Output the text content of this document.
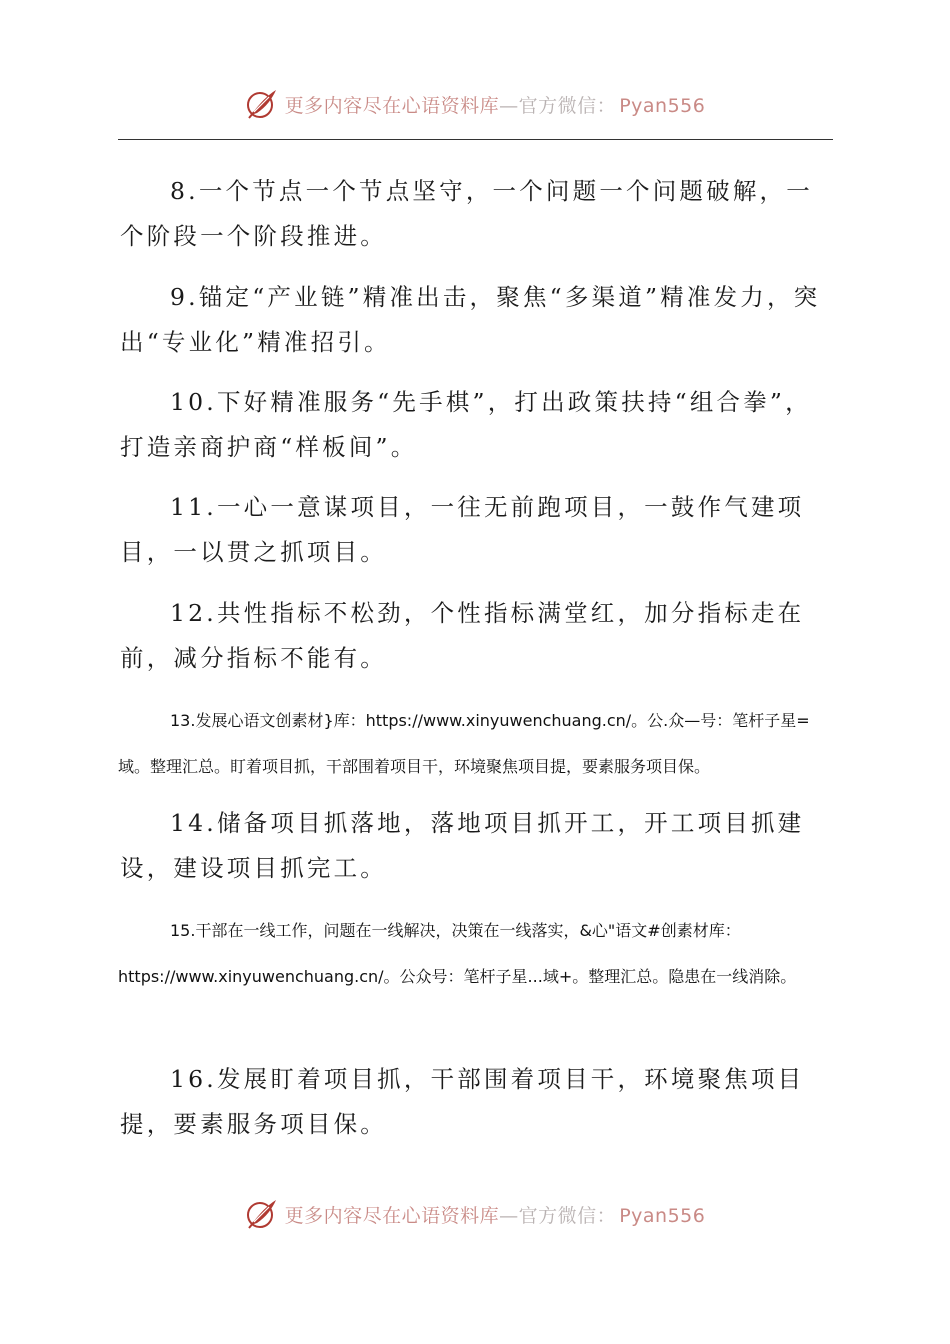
更多内容尽在心语资料库—官方微信： Pyan556

8.一个节点一个节点坚守，一个问题一个问题破解，一个阶段一个阶段推进。

9.锚定“产业链”精准出击，聚焦“多渠道”精准发力，突出“专业化”精准招引。

10.下好精准服务“先手棋”，打出政策扶持“组合拳”，打造亲商护商“样板间”。

11.一心一意谋项目，一往无前跑项目，一鼓作气建项目，一以贯之抓项目。

12.共性指标不松劲，个性指标满堂红，加分指标走在前，减分指标不能有。

13.发展心语文创素材}库：https://www.xinyuwenchuang.cn/。公.众—号：笔杆子星=域。整理汇总。盯着项目抓，干部围着项目干，环境聚焦项目提，要素服务项目保。

14.储备项目抓落地，落地项目抓开工，开工项目抓建设，建设项目抓完工。

15.干部在一线工作，问题在一线解决，决策在一线落实，&心"语文#创素材库：https://www.xinyuwenchuang.cn/。公众号：笔杆子星...域+。整理汇总。隐患在一线消除。

16.发展盯着项目抓，干部围着项目干，环境聚焦项目提，要素服务项目保。

更多内容尽在心语资料库—官方微信： Pyan556
